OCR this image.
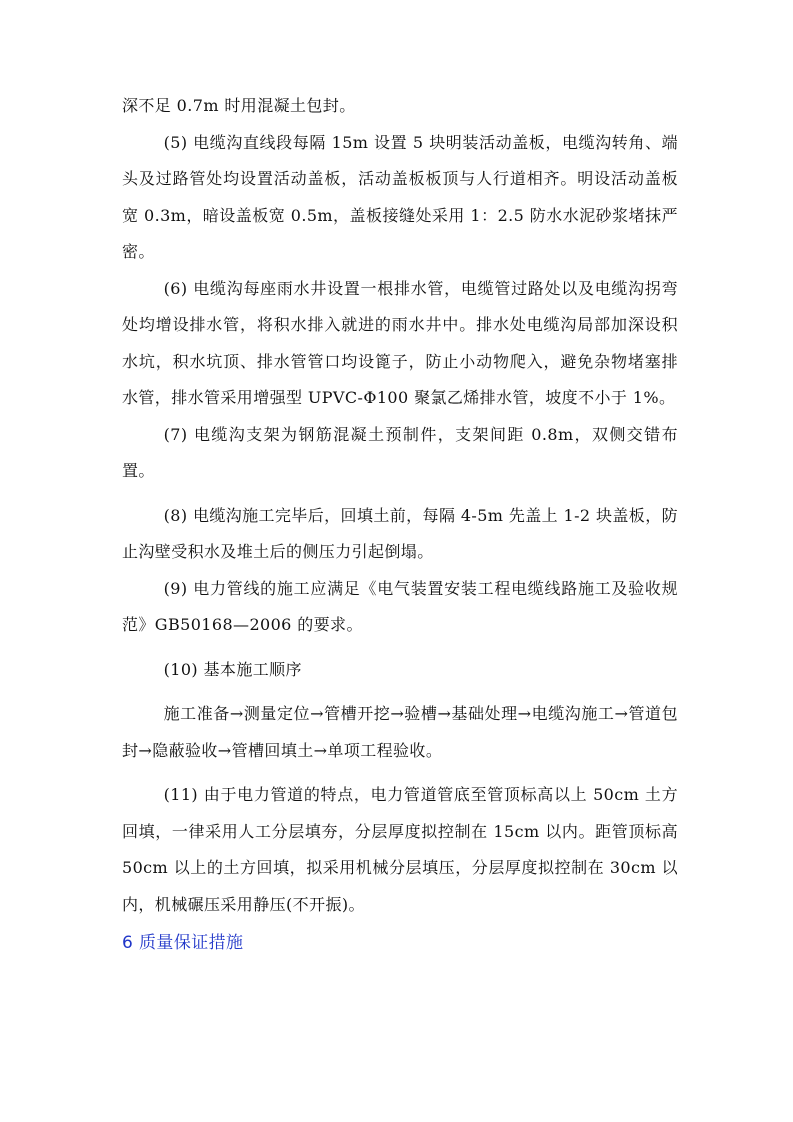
深不足 0.7m 时用混凝土包封。

(5) 电缆沟直线段每隔 15m 设置 5 块明装活动盖板，电缆沟转角、端头及过路管处均设置活动盖板，活动盖板板顶与人行道相齐。明设活动盖板宽 0.3m，暗设盖板宽 0.5m，盖板接缝处采用 1：2.5 防水水泥砂浆堵抹严密。

(6) 电缆沟每座雨水井设置一根排水管，电缆管过路处以及电缆沟拐弯处均增设排水管，将积水排入就进的雨水井中。排水处电缆沟局部加深设积水坑，积水坑顶、排水管管口均设篦子，防止小动物爬入，避免杂物堵塞排水管，排水管采用增强型 UPVC-Φ100 聚氯乙烯排水管，坡度不小于 1%。

(7) 电缆沟支架为钢筋混凝土预制件，支架间距 0.8m，双侧交错布置。

(8) 电缆沟施工完毕后，回填土前，每隔 4-5m 先盖上 1-2 块盖板，防止沟壁受积水及堆土后的侧压力引起倒塌。

(9) 电力管线的施工应满足《电气装置安装工程电缆线路施工及验收规范》GB50168—2006 的要求。

(10) 基本施工顺序

施工准备→测量定位→管槽开挖→验槽→基础处理→电缆沟施工→管道包封→隐蔽验收→管槽回填土→单项工程验收。

(11) 由于电力管道的特点，电力管道管底至管顶标高以上 50cm 土方回填，一律采用人工分层填夯，分层厚度拟控制在 15cm 以内。距管顶标高 50cm 以上的土方回填，拟采用机械分层填压，分层厚度拟控制在 30cm 以内，机械碾压采用静压(不开振)。

6 质量保证措施
